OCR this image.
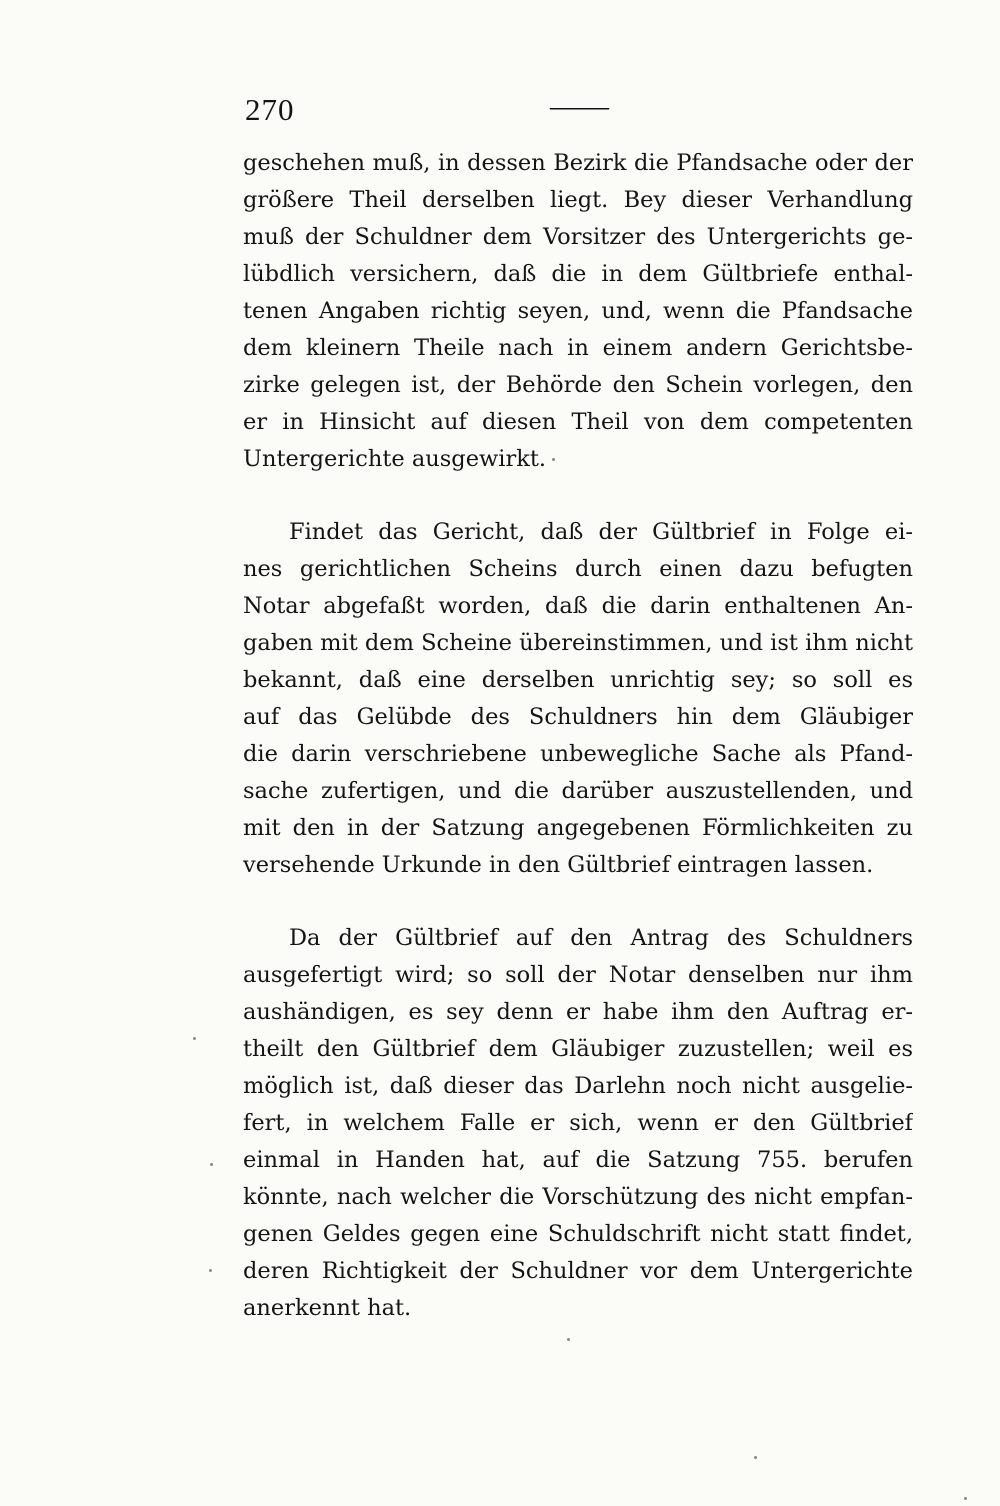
270	——
geschehen muß, in dessen Bezirk die Pfandsache oder der
größere Theil derselben liegt. Bey dieser Verhandlung
muß der Schuldner dem Vorsitzer des Untergerichts ge-
lübdlich versichern, daß die in dem Gültbriefe enthal-
tenen Angaben richtig seyen, und, wenn die Pfandsache
dem kleinern Theile nach in einem andern Gerichtsbe-
zirke gelegen ist, der Behörde den Schein vorlegen, den
er in Hinsicht auf diesen Theil von dem competenten
Untergerichte ausgewirkt.
Findet das Gericht, daß der Gültbrief in Folge ei-
nes gerichtlichen Scheins durch einen dazu befugten
Notar abgefaßt worden, daß die darin enthaltenen An-
gaben mit dem Scheine übereinstimmen, und ist ihm nicht
bekannt, daß eine derselben unrichtig sey; so soll es
auf das Gelübde des Schuldners hin dem Gläubiger
die darin verschriebene unbewegliche Sache als Pfand-
sache zufertigen, und die darüber auszustellenden, und
mit den in der Satzung angegebenen Förmlichkeiten zu
versehende Urkunde in den Gültbrief eintragen lassen.
Da der Gültbrief auf den Antrag des Schuldners
ausgefertigt wird; so soll der Notar denselben nur ihm
aushändigen, es sey denn er habe ihm den Auftrag er-
theilt den Gültbrief dem Gläubiger zuzustellen; weil es
möglich ist, daß dieser das Darlehn noch nicht ausgelie-
fert, in welchem Falle er sich, wenn er den Gültbrief
einmal in Handen hat, auf die Satzung 755. berufen
könnte, nach welcher die Vorschützung des nicht empfan-
genen Geldes gegen eine Schuldschrift nicht statt findet,
deren Richtigkeit der Schuldner vor dem Untergerichte
anerkennt hat.
